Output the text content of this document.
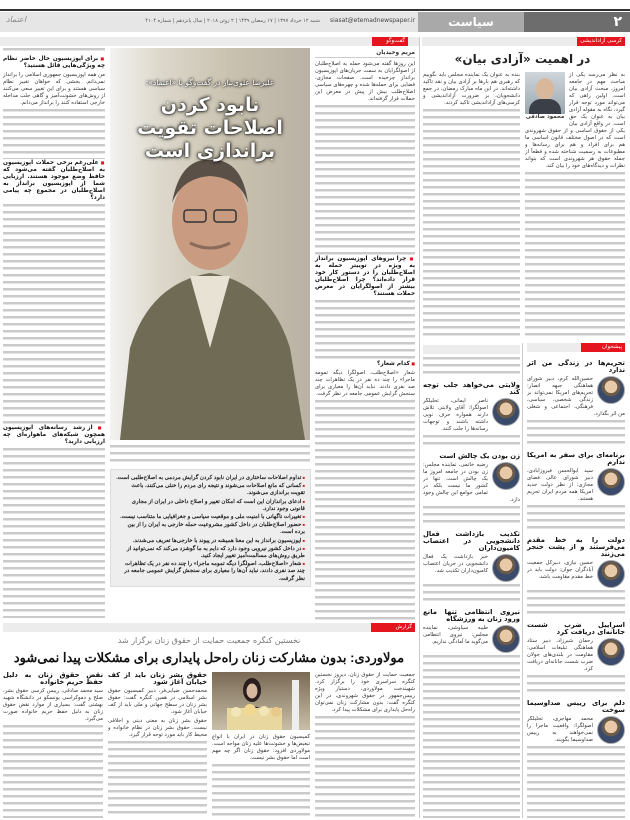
۲
سیاست
siasat@etemadnewspaper.ir
شنبه ۱۲ خرداد ۱۳۹۷ | ۱۷ رمضان ۱۴۳۹ | ۲ ژوئن ۲۰۱۸ | سال پانزدهم | شماره ۴۱۰۴
اعتماد
کرسی آزاداندیشی
در اهمیت «آزادی بیان»
محمود صادقی

به نظر می‌رسد یکی از مباحث مهم در جامعه امروز، مبحث آزادی بیان است. اولین راهی که می‌تواند مورد توجه قرار گیرد، نگاه به مقوله آزادی بیان به عنوان یک حق است. در واقع آزادی بیان یکی از حقوق اساسی و از حقوق شهروندی است که در اصول مختلف قانون اساسی ما هم برای افراد و هم برای رسانه‌ها و مطبوعات به رسمیت شناخته شده و قطعاً از جمله حقوق هر شهروندی است که بتواند نظرات و دیدگاه‌های خود را بیان کند.

بنده به عنوان یک نماینده مجلس باید بگوییم که رهبری هم بارها بر آزادی بیان و نقد تاکید داشته‌اند. در این ماه مبارک رمضان، در جمع دانشجویان، بر ضرورت آزاداندیشی و کرسی‌های آزاداندیشی تاکید کردند.

ولایتی می‌خواهد جلب توجه کند

ناصر ایمانی، تحلیلگر اصولگرا: آقای ولایتی تلاش دارند همواره حرف نویی داشته باشند و توجهات رسانه‌ها را جلب کنند.

زن بودن یک چالش است

رضیه خاتمی، نماینده مجلس: زن بودن در جامعه امروز ما یک چالش است. تنها در کشور ما نیست بلکه در تمامی جوامع این چالش وجود دارد.

تکذیب بازداشت فعال دانشجویی در اعتصاب کامیون‌داران

خبر بازداشت یک فعال دانشجویی در جریان اعتصاب کامیون‌داران تکذیب شد.

نیروی انتظامی تنها مانع ورود زنان به ورزشگاه

طیبه سیاوشی، نماینده مجلس: نیروی انتظامی می‌گوید ما آمادگی نداریم.

پیشخوان
تحریم‌ها در زندگی من اثر ندارد

حسین‌الله کرم، دبیر شورای هماهنگی جبهه انصار: تحریم‌های امریکا نمی‌تواند بر زندگی شخصی، سیاسی، فرهنگی، اجتماعی و شغلی من اثر بگذارد.

برنامه‌ای برای سفر به امریکا ندارم

سید ابوالحسن فیروزآبادی، دبیر شورای عالی فضای مجازی: از نظر دولت جدید امریکا همه مردم ایران تحریم هستند.

دولت را به خط مقدم می‌فرستند و از پشت خنجر می‌زنند

حسین نیازی، دبیرکل جمعیت آبادگران جوان: دولت باید در خط مقدم مقاومت باشد.

اسراییل ضرب شست جانانه‌ای دریافت کرد

رحمان شیرزاد، دبیر ستاد هماهنگی تبلیغات اسلامی: مقاومت در بلندی‌های جولان ضرب شست جانانه‌ای دریافت کرد.

دلم برای رییس صداوسیما سوخت

محمد مهاجری، تحلیلگر اصولگرا: واقعیت ماجرا را نمی‌خواهند به رییس صداوسیما بگویند.

گفت‌وگو
علیرضا علوی‌تبار در گفت‌وگو با «اعتماد»:
نابود کردن اصلاحات تقویت براندازی است
مریم وحیدیان

این روزها گفته می‌شود حمله به اصلاح‌طلبان از اصولگرایان به سمت جریان‌های اپوزیسیون برانداز چرخیده است. صفحات مجازی، فضایی برای حمله‌ها شده و چهره‌های سیاسی اصلاح‌طلب بیش از پیش در معرض این حملات قرار گرفته‌اند.

■ چرا نیروهای اپوزیسیون برانداز به ویژه در توییتر حمله به اصلاح‌طلبان را در دستور کار خود قرار داده‌اند؟ چرا اصلاح‌طلبان بیشتر از اصولگرایان در معرض حملات هستند؟

■ کدام شعار؟

شعار «اصلاح‌طلب، اصولگرا دیگه تمومه ماجرا» را چند ده نفر در یک تظاهرات چند صد نفری دادند. نباید آن‌ها را معیاری برای سنجش گرایش عمومی جامعه در نظر گرفت.

■ برای اپوزیسیون حال حاضر نظام چه ویژگی‌هایی قائل هستید؟

من همه اپوزیسیون جمهوری اسلامی را برانداز نمی‌دانم. بخشی که خواهان تغییر نظام سیاسی هستند و برای این تغییر سعی می‌کنند از روش‌های خشونت‌آمیز و گاهی جلب مداخله خارجی استفاده کنند را برانداز می‌دانم.

■ علی‌رغم برخی حملات اپوزیسیون به اصلاح‌طلبان گفته می‌شود که حافظ وضع موجود هستند. ارزیابی شما از اپوزیسیون برانداز به اصلاح‌طلبان در مجموع چه پیامی دارد؟

■ از رشد رسانه‌های اپوزیسیون همچون شبکه‌های ماهواره‌ای چه ارزیابی دارید؟

■ تداوم اصلاحات ساختاری در ایران نابود کردن گرایش مردمی به اصلاح‌طلبی است.
■ کسانی که مانع اصلاحات می‌شوند و نتیجه رای مردم را خنثی می‌کنند، باعث تقویت براندازی می‌شوند.
■ ادعای براندازان این است که امکان تغییر و اصلاح داخلی در ایران از مجاری قانونی وجود ندارد.
■ تغییرات ناگهانی با امنیت ملی و موقعیت سیاسی و جغرافیایی ما متناسب نیست.
■ حضور اصلاح‌طلبان در داخل کشور مشروعیت حمله خارجی به ایران را از بین برده است.
■ اپوزیسیون برانداز به این معنا همیشه در پیوند با خارجی‌ها تعریف می‌شدند.
■ در داخل کشور نیرویی وجود دارد که دایم به ما گوشزد می‌کند که نمی‌توانید از طریق روش‌های مسالمت‌آمیز تغییر ایجاد کنید.
■ شعار «اصلاح‌طلب، اصولگرا دیگه تمومه ماجرا» را چند ده نفر در یک تظاهرات چند صد نفری دادند، نباید آن‌ها را معیاری برای سنجش گرایش عمومی جامعه در نظر گرفت.
گزارش
نخستین کنگره جمعیت حمایت از حقوق زنان برگزار شد
مولاوردی: بدون مشارکت زنان راه‌حل پایداری برای مشکلات پیدا نمی‌شود

جمعیت حمایت از حقوق زنان، دیروز نخستین کنگره سراسری خود را برگزار کرد. شهیندخت مولاوردی، دستیار ویژه رییس‌جمهور در حقوق شهروندی، در این کنگره گفت: بدون مشارکت زنان نمی‌توان راه‌حل پایداری برای مشکلات پیدا کرد.

کمیسیون حقوق زنان در ایران با انواع تبعیض‌ها و خشونت‌ها علیه زنان مواجه است. مولاوردی افزود: حقوق زنان اگر چه مهم است اما حقوق بشر نیست.

حقوق بشر زنان باید از کف خیابان آغاز شود

محمدحسن ضیایی‌فر، دبیر کمیسیون حقوق بشر اسلامی در همین کنگره گفت: حقوق بشر زنان در سطح جهانی و ملی باید از کف خیابان آغاز شود.

حقوق بشر زنان به معنی دینی و اخلاقی نیست. حقوق بشر زنان در نظام خانواده و محیط کار باید مورد توجه قرار گیرد.

نقض حقوق زنان به دلیل حفظ حریم خانواده

سید محمد صادقی، رییس کرسی حقوق بشر، صلح و دموکراسی یونسکو در دانشگاه شهید بهشتی گفت: بسیاری از موارد نقض حقوق زنان به دلیل حفظ حریم خانواده صورت می‌گیرد.
